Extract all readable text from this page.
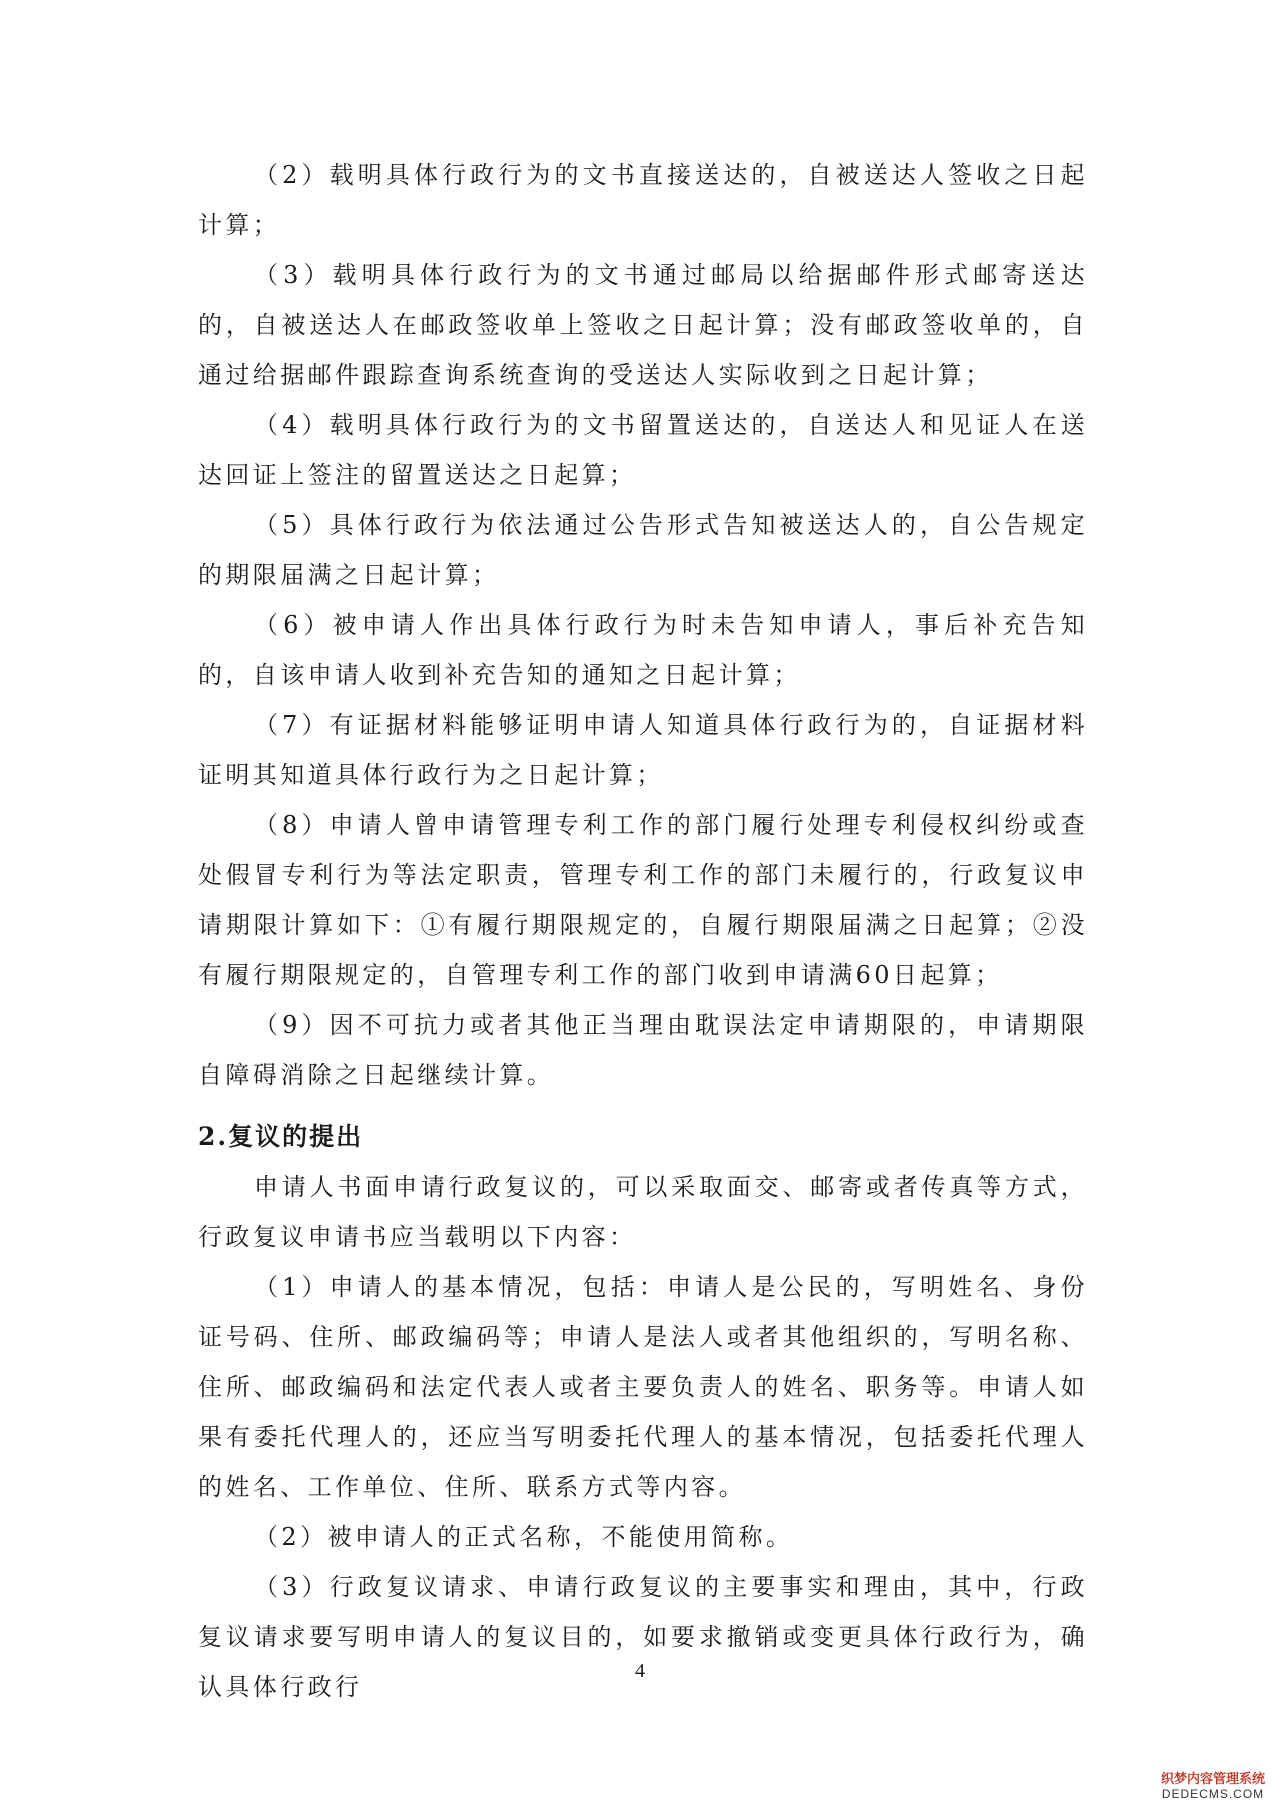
（2）载明具体行政行为的文书直接送达的，自被送达人签收之日起计算；

（3）载明具体行政行为的文书通过邮局以给据邮件形式邮寄送达的，自被送达人在邮政签收单上签收之日起计算；没有邮政签收单的，自通过给据邮件跟踪查询系统查询的受送达人实际收到之日起计算；

（4）载明具体行政行为的文书留置送达的，自送达人和见证人在送达回证上签注的留置送达之日起算；

（5）具体行政行为依法通过公告形式告知被送达人的，自公告规定的期限届满之日起计算；

（6）被申请人作出具体行政行为时未告知申请人，事后补充告知的，自该申请人收到补充告知的通知之日起计算；

（7）有证据材料能够证明申请人知道具体行政行为的，自证据材料证明其知道具体行政行为之日起计算；

（8）申请人曾申请管理专利工作的部门履行处理专利侵权纠纷或查处假冒专利行为等法定职责，管理专利工作的部门未履行的，行政复议申请期限计算如下：①有履行期限规定的，自履行期限届满之日起算；②没有履行期限规定的，自管理专利工作的部门收到申请满60日起算；

（9）因不可抗力或者其他正当理由耽误法定申请期限的，申请期限自障碍消除之日起继续计算。

2.复议的提出

申请人书面申请行政复议的，可以采取面交、邮寄或者传真等方式，行政复议申请书应当载明以下内容：

（1）申请人的基本情况，包括：申请人是公民的，写明姓名、身份证号码、住所、邮政编码等；申请人是法人或者其他组织的，写明名称、住所、邮政编码和法定代表人或者主要负责人的姓名、职务等。申请人如果有委托代理人的，还应当写明委托代理人的基本情况，包括委托代理人的姓名、工作单位、住所、联系方式等内容。

（2）被申请人的正式名称，不能使用简称。

（3）行政复议请求、申请行政复议的主要事实和理由，其中，行政复议请求要写明申请人的复议目的，如要求撤销或变更具体行政行为，确认具体行政行

4
织梦内容管理系统
DEDECMS.COM
